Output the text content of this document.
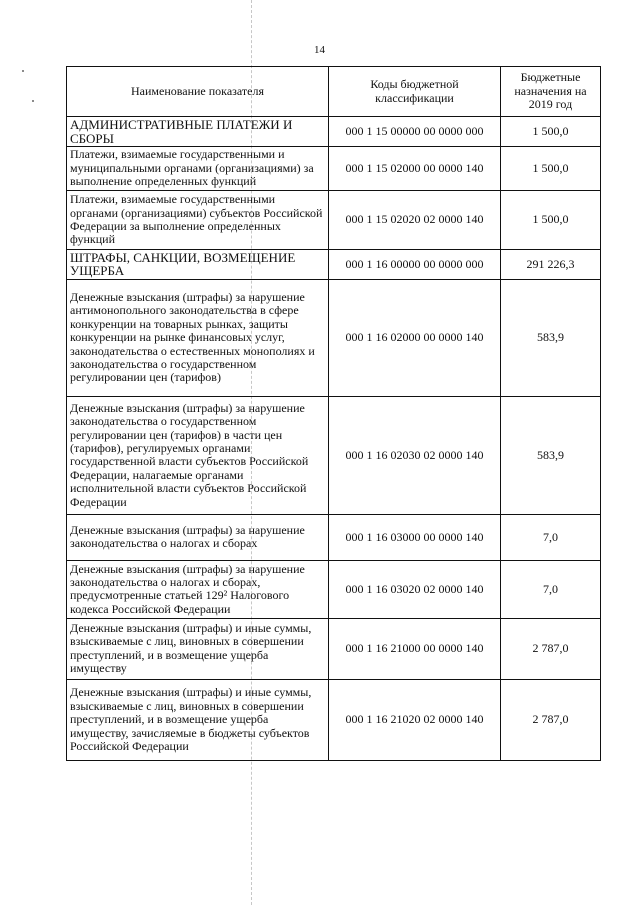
14
Наименование показателя	Коды бюджетной классификации	Бюджетные назначения на 2019 год
АДМИНИСТРАТИВНЫЕ ПЛАТЕЖИ И СБОРЫ	000 1 15 00000 00 0000 000	1 500,0
Платежи, взимаемые государственными и муниципальными органами (организациями) за выполнение определенных функций	000 1 15 02000 00 0000 140	1 500,0
Платежи, взимаемые государственными органами (организациями) субъектов Российской Федерации за выполнение определенных функций	000 1 15 02020 02 0000 140	1 500,0
ШТРАФЫ, САНКЦИИ, ВОЗМЕЩЕНИЕ УЩЕРБА	000 1 16 00000 00 0000 000	291 226,3
Денежные взыскания (штрафы) за нарушение антимонопольного законодательства в сфере конкуренции на товарных рынках, защиты конкуренции на рынке финансовых услуг, законодательства о естественных монополиях и законодательства о государственном регулировании цен (тарифов)	000 1 16 02000 00 0000 140	583,9
Денежные взыскания (штрафы) за нарушение законодательства о государственном регулировании цен (тарифов) в части цен (тарифов), регулируемых органами государственной власти субъектов Российской Федерации, налагаемые органами исполнительной власти субъектов Российской Федерации	000 1 16 02030 02 0000 140	583,9
Денежные взыскания (штрафы) за нарушение законодательства о налогах и сборах	000 1 16 03000 00 0000 140	7,0
Денежные взыскания (штрафы) за нарушение законодательства о налогах и сборах, предусмотренные статьей 129² Налогового кодекса Российской Федерации	000 1 16 03020 02 0000 140	7,0
Денежные взыскания (штрафы) и иные суммы, взыскиваемые с лиц, виновных в совершении преступлений, и в возмещение ущерба имуществу	000 1 16 21000 00 0000 140	2 787,0
Денежные взыскания (штрафы) и иные суммы, взыскиваемые с лиц, виновных в совершении преступлений, и в возмещение ущерба имуществу, зачисляемые в бюджеты субъектов Российской Федерации	000 1 16 21020 02 0000 140	2 787,0
